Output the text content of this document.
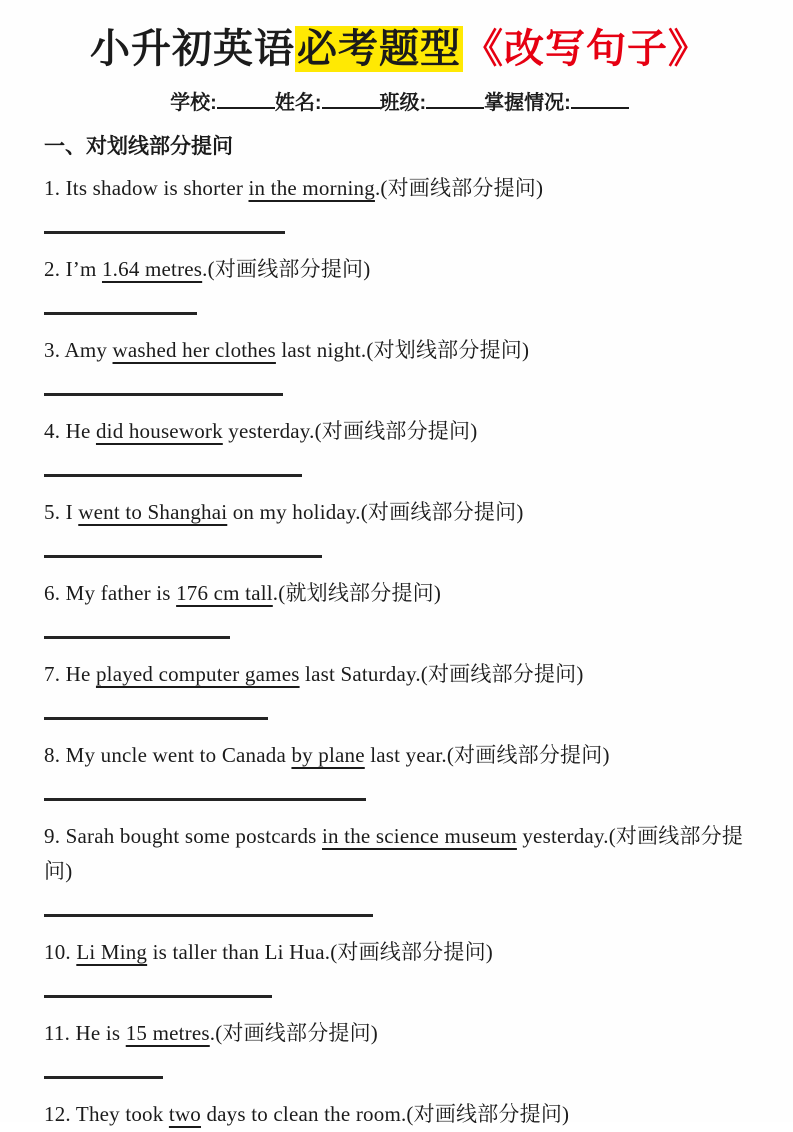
小升初英语必考题型《改写句子》
学校:	姓名:	班级:	掌握情况:
一、对划线部分提问

1. Its shadow is shorter in the morning.(对画线部分提问)

2. I’m 1.64 metres.(对画线部分提问)

3. Amy washed her clothes last night.(对划线部分提问)

4. He did housework yesterday.(对画线部分提问)

5. I went to Shanghai on my holiday.(对画线部分提问)

6. My father is 176 cm tall.(就划线部分提问)

7. He played computer games last Saturday.(对画线部分提问)

8. My uncle went to Canada by plane last year.(对画线部分提问)

9. Sarah bought some postcards in the science museum yesterday.(对画线部分提问)

10. Li Ming is taller than Li Hua.(对画线部分提问)

11. He is 15 metres.(对画线部分提问)

12. They took two days to clean the room.(对画线部分提问)
